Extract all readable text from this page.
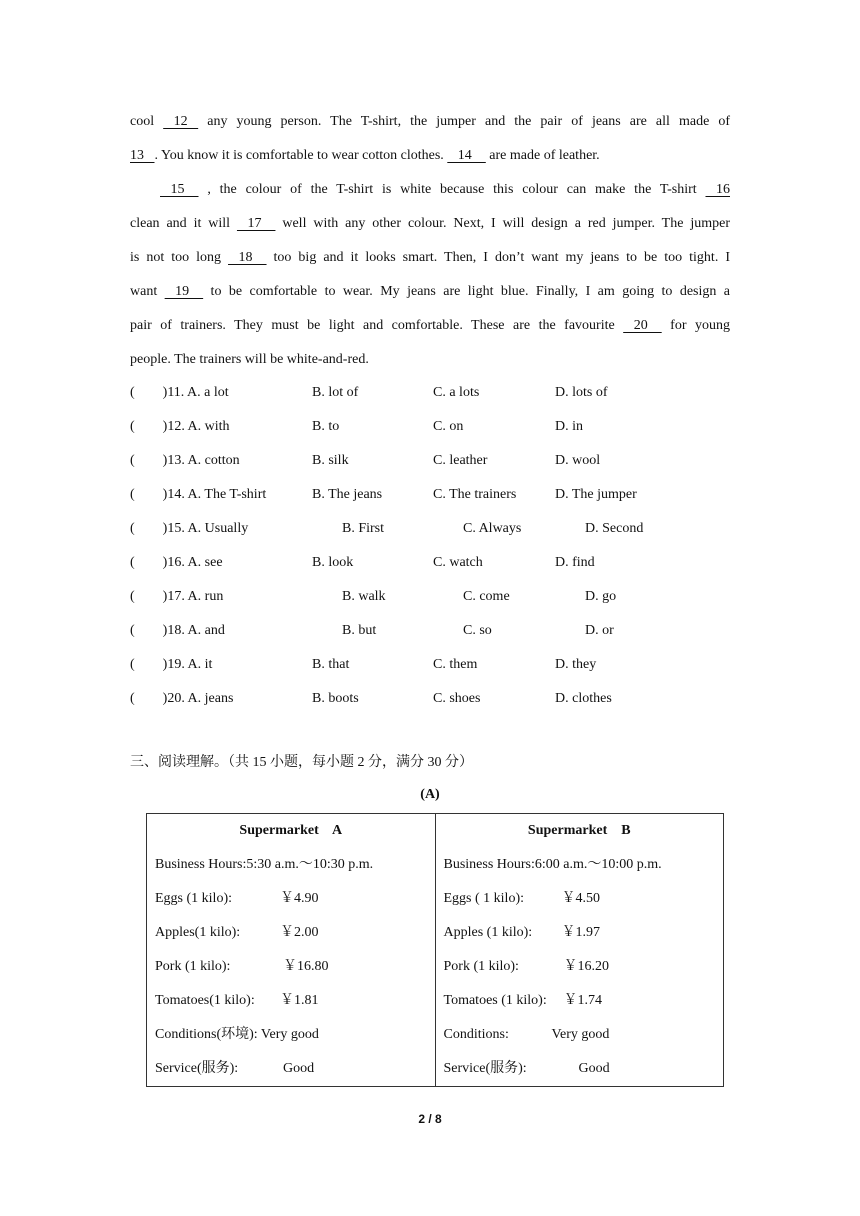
cool    12    any young person. The T-shirt, the jumper and the pair of jeans are all made of

13   . You know it is comfortable to wear cotton clothes.    14     are made of leather.

15     , the colour of the T-shirt is white because this colour can make the T-shirt    16

clean and it will    17     well with any other colour. Next, I will design a red jumper. The jumper

is not too long    18     too big and it looks smart. Then, I don’t want my jeans to be too tight. I

want    19     to be comfortable to wear. My jeans are light blue. Finally, I am going to design a

pair of trainers. They must be light and comfortable. These are the favourite    20     for young

people. The trainers will be white-and-red.

(        )11. A. a lot	B. lot of	C. a lots	D. lots of
(        )12. A. with	B. to	C. on	D. in
(        )13. A. cotton	B. silk	C. leather	D. wool
(        )14. A. The T-shirt	B. The jeans	C. The trainers	D. The jumper
(        )15. A. Usually	B. First	C. Always	D. Second
(        )16. A. see	B. look	C. watch	D. find
(        )17. A. run	B. walk	C. come	D. go
(        )18. A. and	B. but	C. so	D. or
(        )19. A. it	B. that	C. them	D. they
(        )20. A. jeans	B. boots	C. shoes	D. clothes
三、阅读理解。（共 15 小题，每小题 2 分，满分 30 分）
(A)
Supermarket    A
Business Hours:5:30 a.m.～10:30 p.m.
Eggs (1 kilo):	￥4.90
Apples(1 kilo):	￥2.00
Pork (1 kilo):	￥16.80
Tomatoes(1 kilo): ￥1.81
Conditions(环境): Very good
Service(服务):	Good

Supermarket    B
Business Hours:6:00 a.m.～10:00 p.m.
Eggs ( 1 kilo):	￥4.50
Apples (1 kilo): ￥1.97
Pork (1 kilo):	￥16.20
Tomatoes (1 kilo): ￥1.74
Conditions:	Very good
Service(服务):	Good
2 / 8
